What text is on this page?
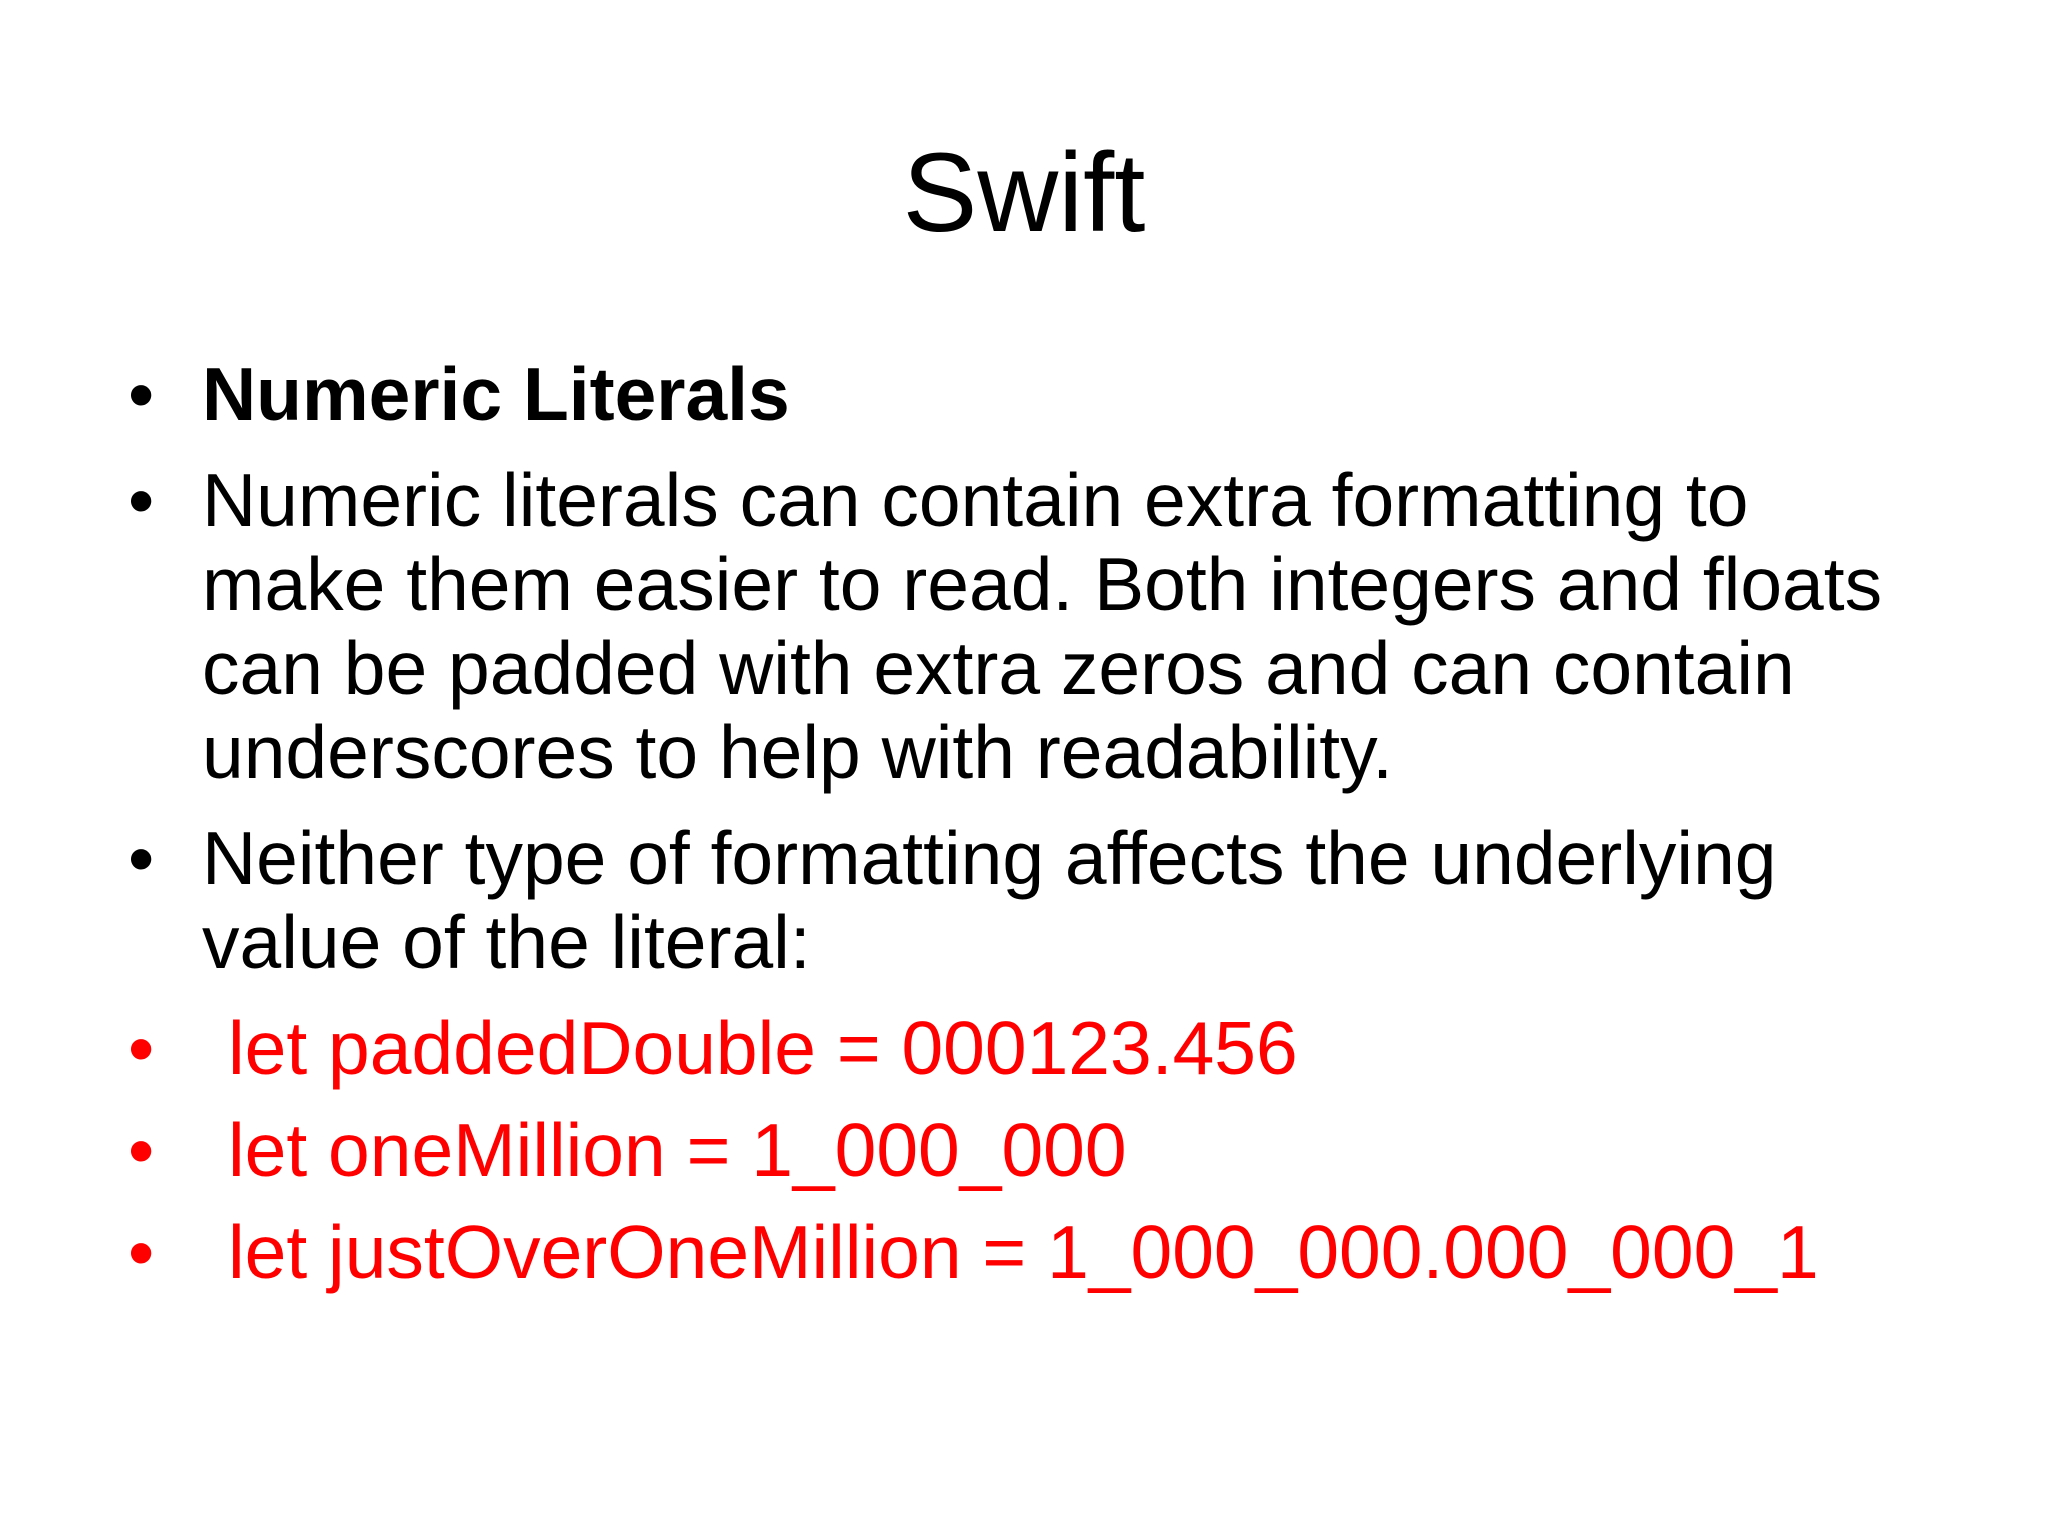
Swift
• Numeric Literals
• Numeric literals can contain extra formatting to make them easier to read. Both integers and floats can be padded with extra zeros and can contain underscores to help with readability.
• Neither type of formatting affects the underlying value of the literal:
• let paddedDouble = 000123.456
• let oneMillion = 1_000_000
• let justOverOneMillion = 1_000_000.000_000_1
